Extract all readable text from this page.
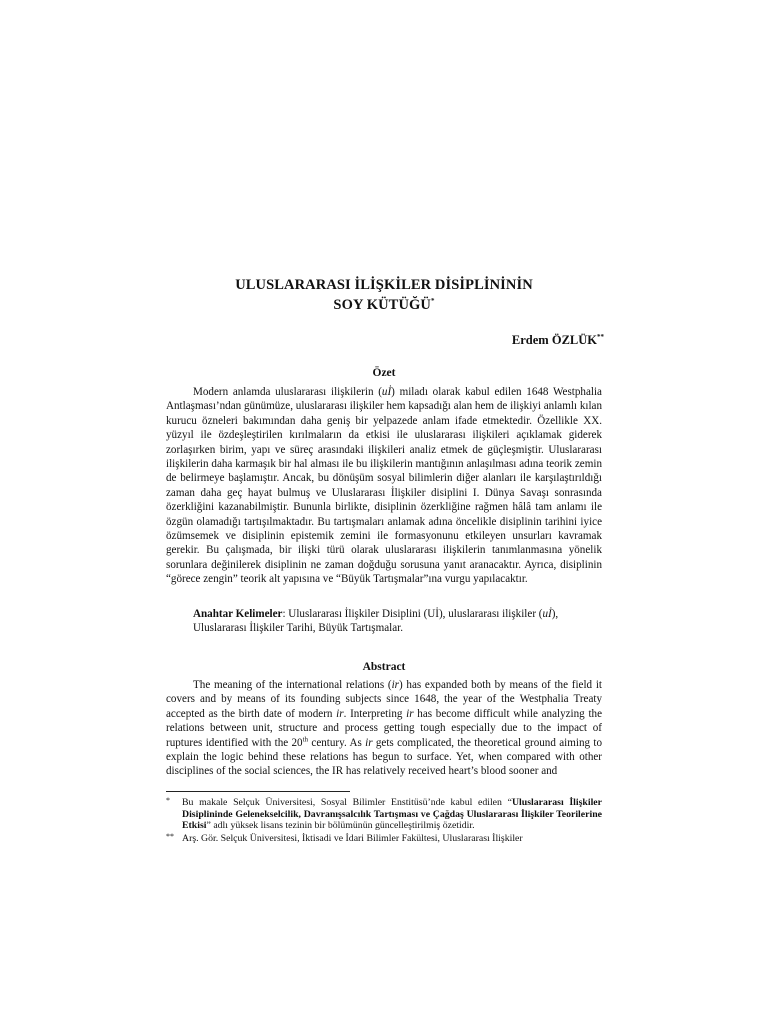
ULUSLARARASI İLİŞKİLER DİSİPLİNİNİN
SOY KÜTÜĞÜ*
Erdem ÖZLÜK**
Özet
Modern anlamda uluslararası ilişkilerin (uİ) miladı olarak kabul edilen 1648 Westphalia Antlaşması’ndan günümüze, uluslararası ilişkiler hem kapsadığı alan hem de ilişkiyi anlamlı kılan kurucu özneleri bakımından daha geniş bir yelpazede anlam ifade etmektedir. Özellikle XX. yüzyıl ile özdeşleştirilen kırılmaların da etkisi ile uluslararası ilişkileri açıklamak giderek zorlaşırken birim, yapı ve süreç arasındaki ilişkileri analiz etmek de güçleşmiştir. Uluslararası ilişkilerin daha karmaşık bir hal alması ile bu ilişkilerin mantığının anlaşılması adına teorik zemin de belirmeye başlamıştır. Ancak, bu dönüşüm sosyal bilimlerin diğer alanları ile karşılaştırıldığı zaman daha geç hayat bulmuş ve Uluslararası İlişkiler disiplini I. Dünya Savaşı sonrasında özerkliğini kazanabilmiştir. Bununla birlikte, disiplinin özerkliğine rağmen hâlâ tam anlamı ile özgün olamadığı tartışılmaktadır. Bu tartışmaları anlamak adına öncelikle disiplinin tarihini iyice özümsemek ve disiplinin epistemik zemini ile formasyonunu etkileyen unsurları kavramak gerekir. Bu çalışmada, bir ilişki türü olarak uluslararası ilişkilerin tanımlanmasına yönelik sorunlara değinilerek disiplinin ne zaman doğduğu sorusuna yanıt aranacaktır. Ayrıca, disiplinin “görece zengin” teorik alt yapısına ve “Büyük Tartışmalar”ına vurgu yapılacaktır.
Anahtar Kelimeler: Uluslararası İlişkiler Disiplini (Uİ), uluslararası ilişkiler (uİ), Uluslararası İlişkiler Tarihi, Büyük Tartışmalar.
Abstract
The meaning of the international relations (ir) has expanded both by means of the field it covers and by means of its founding subjects since 1648, the year of the Westphalia Treaty accepted as the birth date of modern ir. Interpreting ir has become difficult while analyzing the relations between unit, structure and process getting tough especially due to the impact of ruptures identified with the 20th century. As ir gets complicated, the theoretical ground aiming to explain the logic behind these relations has begun to surface. Yet, when compared with other disciplines of the social sciences, the IR has relatively received heart’s blood sooner and
* Bu makale Selçuk Üniversitesi, Sosyal Bilimler Enstitüsü’nde kabul edilen “Uluslararası İlişkiler Disiplininde Gelenekselcilik, Davranışsalcılık Tartışması ve Çağdaş Uluslararası İlişkiler Teorilerine Etkisi” adlı yüksek lisans tezinin bir bölümünün güncelleştirilmiş özetidir.
** Arş. Gör. Selçuk Üniversitesi, İktisadi ve İdari Bilimler Fakültesi, Uluslararası İlişkiler
